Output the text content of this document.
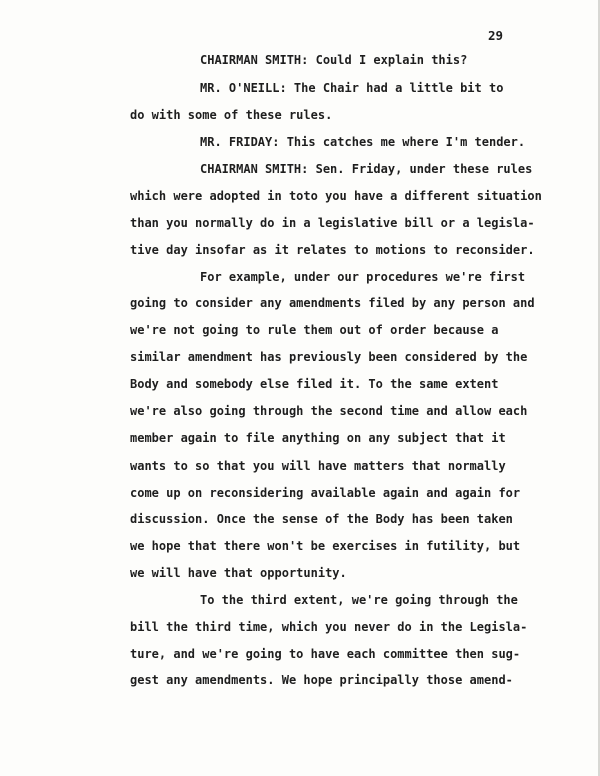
29
CHAIRMAN SMITH: Could I explain this?
MR. O'NEILL: The Chair had a little bit to
do with some of these rules.
MR. FRIDAY: This catches me where I'm tender.
CHAIRMAN SMITH: Sen. Friday, under these rules
which were adopted in toto you have a different situation
than you normally do in a legislative bill or a legisla-
tive day insofar as it relates to motions to reconsider.
For example, under our procedures we're first
going to consider any amendments filed by any person and
we're not going to rule them out of order because a
similar amendment has previously been considered by the
Body and somebody else filed it. To the same extent
we're also going through the second time and allow each
member again to file anything on any subject that it
wants to so that you will have matters that normally
come up on reconsidering available again and again for
discussion. Once the sense of the Body has been taken
we hope that there won't be exercises in futility, but
we will have that opportunity.
To the third extent, we're going through the
bill the third time, which you never do in the Legisla-
ture, and we're going to have each committee then sug-
gest any amendments. We hope principally those amend-
